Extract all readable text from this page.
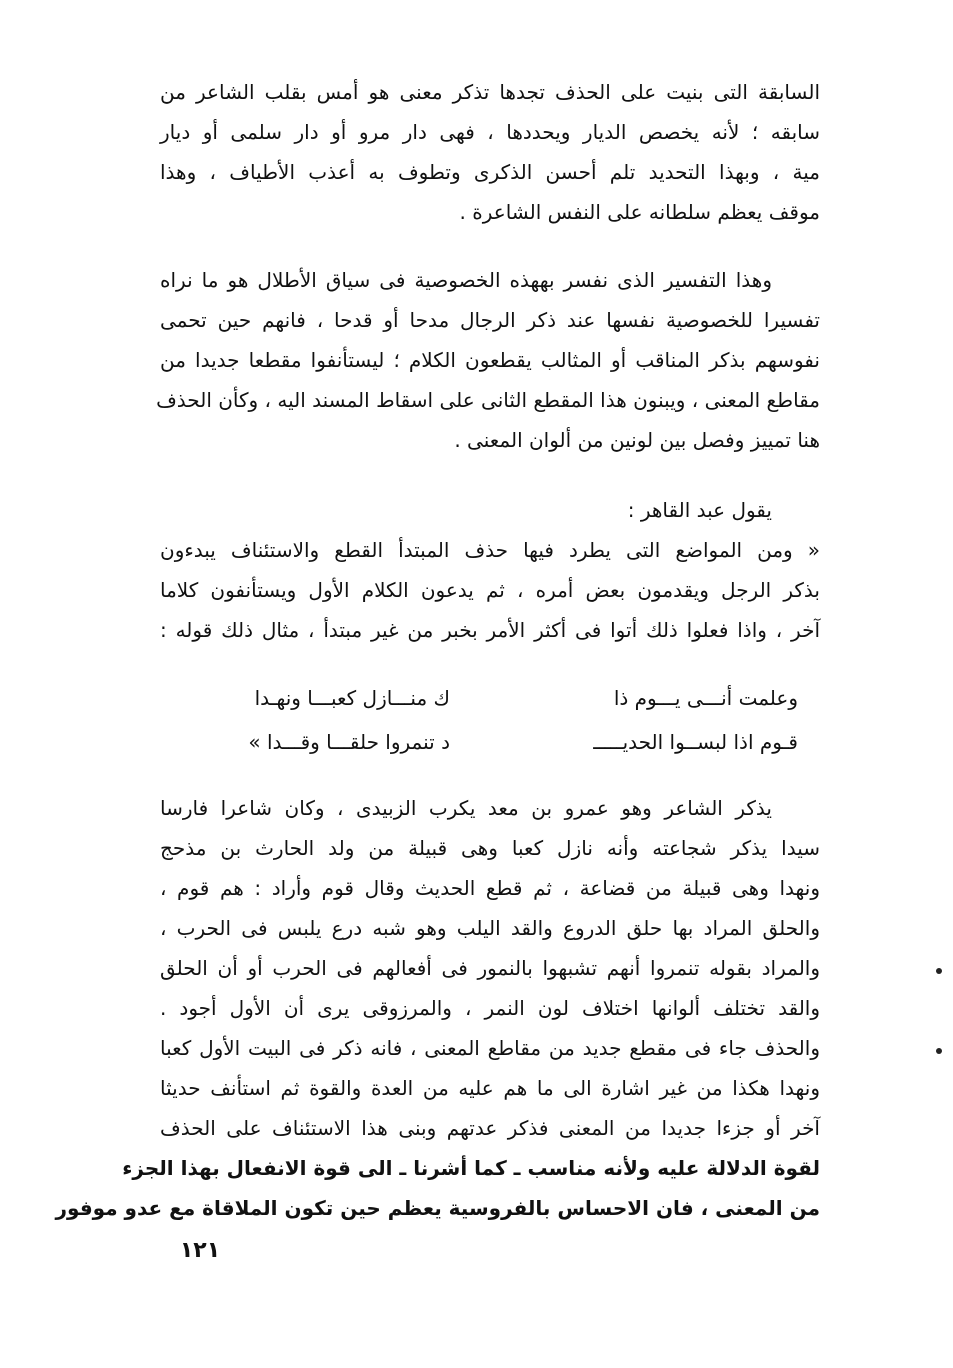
السابقة التى بنيت على الحذف تجدها تذكر معنى هو أمس بقلب الشاعر من
سابقه ؛ لأنه يخصص الديار ويحددها ، فهى دار مرو أو دار سلمى أو ديار
مية ، وبهذا التحديد تلم أحسن الذكرى وتطوف به أعذب الأطياف ، وهذا
موقف يعظم سلطانه على النفس الشاعرة .
وهذا التفسير الذى نفسر بههذه الخصوصية فى سياق الأطلال هو ما نراه
تفسيرا للخصوصية نفسها عند ذكر الرجال مدحا أو قدحا ، فانهم حين تحمى
نفوسهم بذكر المناقب أو المثالب يقطعون الكلام ؛ ليستأنفوا مقطعا جديدا من
مقاطع المعنى ، ويبنون هذا المقطع الثانى على اسقاط المسند اليه ، وكأن الحذف
هنا تمييز وفصل بين لونين من ألوان المعنى .
يقول عبد القاهر :
« ومن المواضع التى يطرد فيها حذف المبتدأ القطع والاستئناف يبدءون
بذكر الرجل ويقدمون بعض أمره ، ثم يدعون الكلام الأول ويستأنفون كلاما
آخر ، واذا فعلوا ذلك أتوا فى أكثر الأمر بخبر من غير مبتدأ ، مثال ذلك قوله :
وعلمت أنـــى يـــوم ذا
ك منـــازل كعبـــا ونهـدا
قـوم اذا لبســوا الحديـــــ
د تنمروا حلقـــا وقـــدا »
يذكر الشاعر وهو عمرو بن معد يكرب الزبيدى ، وكان شاعرا فارسا
سيدا يذكر شجاعته وأنه نازل كعبا وهى قبيلة من ولد الحارث بن مذحج
ونهدا وهى قبيلة من قضاعة ، ثم قطع الحديث وقال قوم وأراد : هم قوم ،
والحلق المراد بها حلق الدروع والقد اليلب وهو شبه درع يلبس فى الحرب ،
والمراد بقوله تنمروا أنهم تشبهوا بالنمور فى أفعالهم فى الحرب أو أن الحلق
والقد تختلف ألوانها اختلاف لون النمر ، والمرزوقى يرى أن الأول أجود .
والحذف جاء فى مقطع جديد من مقاطع المعنى ، فانه ذكر فى البيت الأول كعبا
ونهدا هكذا من غير اشارة الى ما هم عليه من العدة والقوة ثم استأنف حديثا
آخر أو جزءا جديدا من المعنى فذكر عدتهم وبنى هذا الاستئناف على الحذف
لقوة الدلالة عليه ولأنه مناسب ـ كما أشرنا ـ الى قوة الانفعال بهذا الجزء
من المعنى ، فان الاحساس بالفروسية يعظم حين تكون الملاقاة مع عدو موفور
١٢١
